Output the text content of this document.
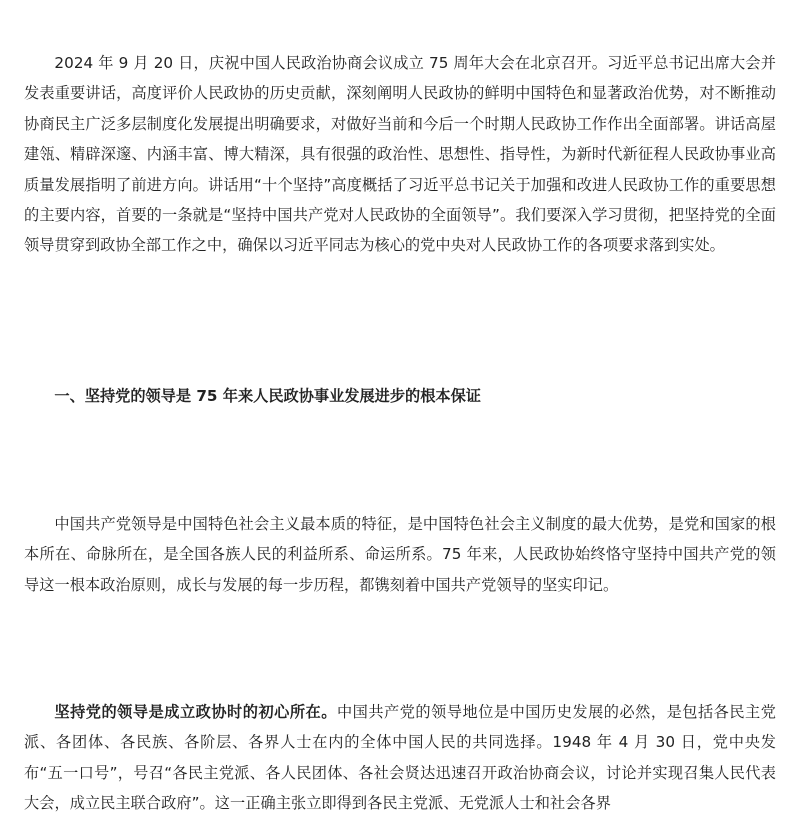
2024 年 9 月 20 日，庆祝中国人民政治协商会议成立 75 周年大会在北京召开。习近平总书记出席大会并发表重要讲话，高度评价人民政协的历史贡献，深刻阐明人民政协的鲜明中国特色和显著政治优势，对不断推动协商民主广泛多层制度化发展提出明确要求，对做好当前和今后一个时期人民政协工作作出全面部署。讲话高屋建瓴、精辟深邃、内涵丰富、博大精深，具有很强的政治性、思想性、指导性，为新时代新征程人民政协事业高质量发展指明了前进方向。讲话用“十个坚持”高度概括了习近平总书记关于加强和改进人民政协工作的重要思想的主要内容，首要的一条就是“坚持中国共产党对人民政协的全面领导”。我们要深入学习贯彻，把坚持党的全面领导贯穿到政协全部工作之中，确保以习近平同志为核心的党中央对人民政协工作的各项要求落到实处。

一、坚持党的领导是 75 年来人民政协事业发展进步的根本保证

中国共产党领导是中国特色社会主义最本质的特征，是中国特色社会主义制度的最大优势，是党和国家的根本所在、命脉所在，是全国各族人民的利益所系、命运所系。75 年来，人民政协始终恪守坚持中国共产党的领导这一根本政治原则，成长与发展的每一步历程，都镌刻着中国共产党领导的坚实印记。

坚持党的领导是成立政协时的初心所在。中国共产党的领导地位是中国历史发展的必然，是包括各民主党派、各团体、各民族、各阶层、各界人士在内的全体中国人民的共同选择。1948 年 4 月 30 日，党中央发布“五一口号”，号召“各民主党派、各人民团体、各社会贤达迅速召开政治协商会议，讨论并实现召集人民代表大会，成立民主联合政府”。这一正确主张立即得到各民主党派、无党派人士和社会各界
